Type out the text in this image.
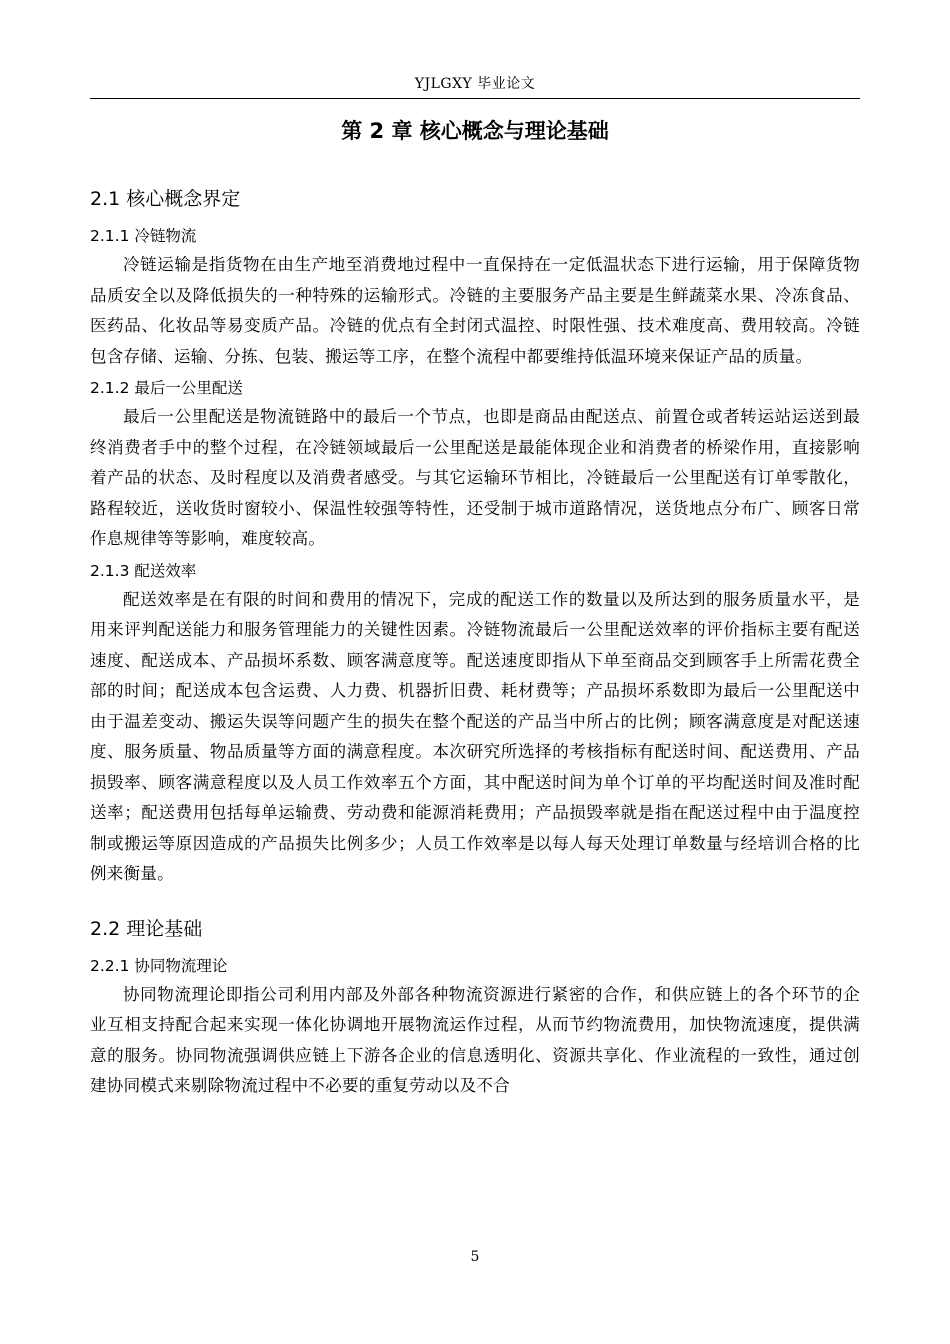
YJLGXY 毕业论文
第 2 章 核心概念与理论基础
2.1 核心概念界定
2.1.1 冷链物流

冷链运输是指货物在由生产地至消费地过程中一直保持在一定低温状态下进行运输，用于保障货物品质安全以及降低损失的一种特殊的运输形式。冷链的主要服务产品主要是生鲜蔬菜水果、冷冻食品、医药品、化妆品等易变质产品。冷链的优点有全封闭式温控、时限性强、技术难度高、费用较高。冷链包含存储、运输、分拣、包装、搬运等工序，在整个流程中都要维持低温环境来保证产品的质量。

2.1.2 最后一公里配送

最后一公里配送是物流链路中的最后一个节点，也即是商品由配送点、前置仓或者转运站运送到最终消费者手中的整个过程，在冷链领域最后一公里配送是最能体现企业和消费者的桥梁作用，直接影响着产品的状态、及时程度以及消费者感受。与其它运输环节相比，冷链最后一公里配送有订单零散化，路程较近，送收货时窗较小、保温性较强等特性，还受制于城市道路情况，送货地点分布广、顾客日常作息规律等等影响，难度较高。

2.1.3 配送效率

配送效率是在有限的时间和费用的情况下，完成的配送工作的数量以及所达到的服务质量水平，是用来评判配送能力和服务管理能力的关键性因素。冷链物流最后一公里配送效率的评价指标主要有配送速度、配送成本、产品损坏系数、顾客满意度等。配送速度即指从下单至商品交到顾客手上所需花费全部的时间；配送成本包含运费、人力费、机器折旧费、耗材费等；产品损坏系数即为最后一公里配送中由于温差变动、搬运失误等问题产生的损失在整个配送的产品当中所占的比例；顾客满意度是对配送速度、服务质量、物品质量等方面的满意程度。本次研究所选择的考核指标有配送时间、配送费用、产品损毁率、顾客满意程度以及人员工作效率五个方面，其中配送时间为单个订单的平均配送时间及准时配送率；配送费用包括每单运输费、劳动费和能源消耗费用；产品损毁率就是指在配送过程中由于温度控制或搬运等原因造成的产品损失比例多少；人员工作效率是以每人每天处理订单数量与经培训合格的比例来衡量。

2.2 理论基础
2.2.1 协同物流理论

协同物流理论即指公司利用内部及外部各种物流资源进行紧密的合作，和供应链上的各个环节的企业互相支持配合起来实现一体化协调地开展物流运作过程，从而节约物流费用，加快物流速度，提供满意的服务。协同物流强调供应链上下游各企业的信息透明化、资源共享化、作业流程的一致性，通过创建协同模式来剔除物流过程中不必要的重复劳动以及不合

5
